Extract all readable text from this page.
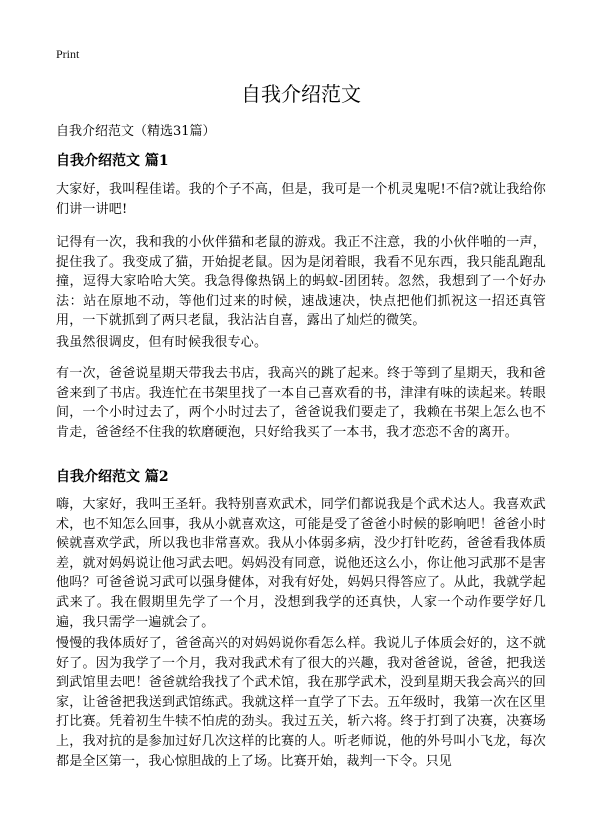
Print
自我介绍范文

自我介绍范文（精选31篇）

自我介绍范文 篇1

大家好，我叫程佳诺。我的个子不高，但是，我可是一个机灵鬼呢!不信?就让我给你们讲一讲吧!

记得有一次，我和我的小伙伴猫和老鼠的游戏。我正不注意，我的小伙伴啪的一声，捉住我了。我变成了猫，开始捉老鼠。因为是闭着眼，我看不见东西，我只能乱跑乱撞，逗得大家哈哈大笑。我急得像热锅上的蚂蚁-团团转。忽然，我想到了一个好办法：站在原地不动，等他们过来的时候，速战速决，快点把他们抓祝这一招还真管用，一下就抓到了两只老鼠，我沾沾自喜，露出了灿烂的微笑。

我虽然很调皮，但有时候我很专心。

有一次，爸爸说星期天带我去书店，我高兴的跳了起来。终于等到了星期天，我和爸爸来到了书店。我连忙在书架里找了一本自己喜欢看的书，津津有味的读起来。转眼间，一个小时过去了，两个小时过去了，爸爸说我们要走了，我赖在书架上怎么也不肯走，爸爸经不住我的软磨硬泡，只好给我买了一本书，我才恋恋不舍的离开。

自我介绍范文 篇2

嗨，大家好，我叫王圣轩。我特别喜欢武术，同学们都说我是个武术达人。我喜欢武术，也不知怎么回事，我从小就喜欢这，可能是受了爸爸小时候的影响吧！爸爸小时候就喜欢学武，所以我也非常喜欢。我从小体弱多病，没少打针吃药，爸爸看我体质差，就对妈妈说让他习武去吧。妈妈没有同意，说他还这么小，你让他习武那不是害他吗？可爸爸说习武可以强身健体，对我有好处，妈妈只得答应了。从此，我就学起武来了。我在假期里先学了一个月，没想到我学的还真快，人家一个动作要学好几遍，我只需学一遍就会了。

慢慢的我体质好了，爸爸高兴的对妈妈说你看怎么样。我说儿子体质会好的，这不就好了。因为我学了一个月，我对我武术有了很大的兴趣，我对爸爸说，爸爸，把我送到武馆里去吧！爸爸就给我找了个武术馆，我在那学武术，没到星期天我会高兴的回家，让爸爸把我送到武馆练武。我就这样一直学了下去。五年级时，我第一次在区里打比赛。凭着初生牛犊不怕虎的劲头。我过五关，斩六将。终于打到了决赛，决赛场上，我对抗的是参加过好几次这样的比赛的人。听老师说，他的外号叫小飞龙，每次都是全区第一，我心惊胆战的上了场。比赛开始，裁判一下令。只见
